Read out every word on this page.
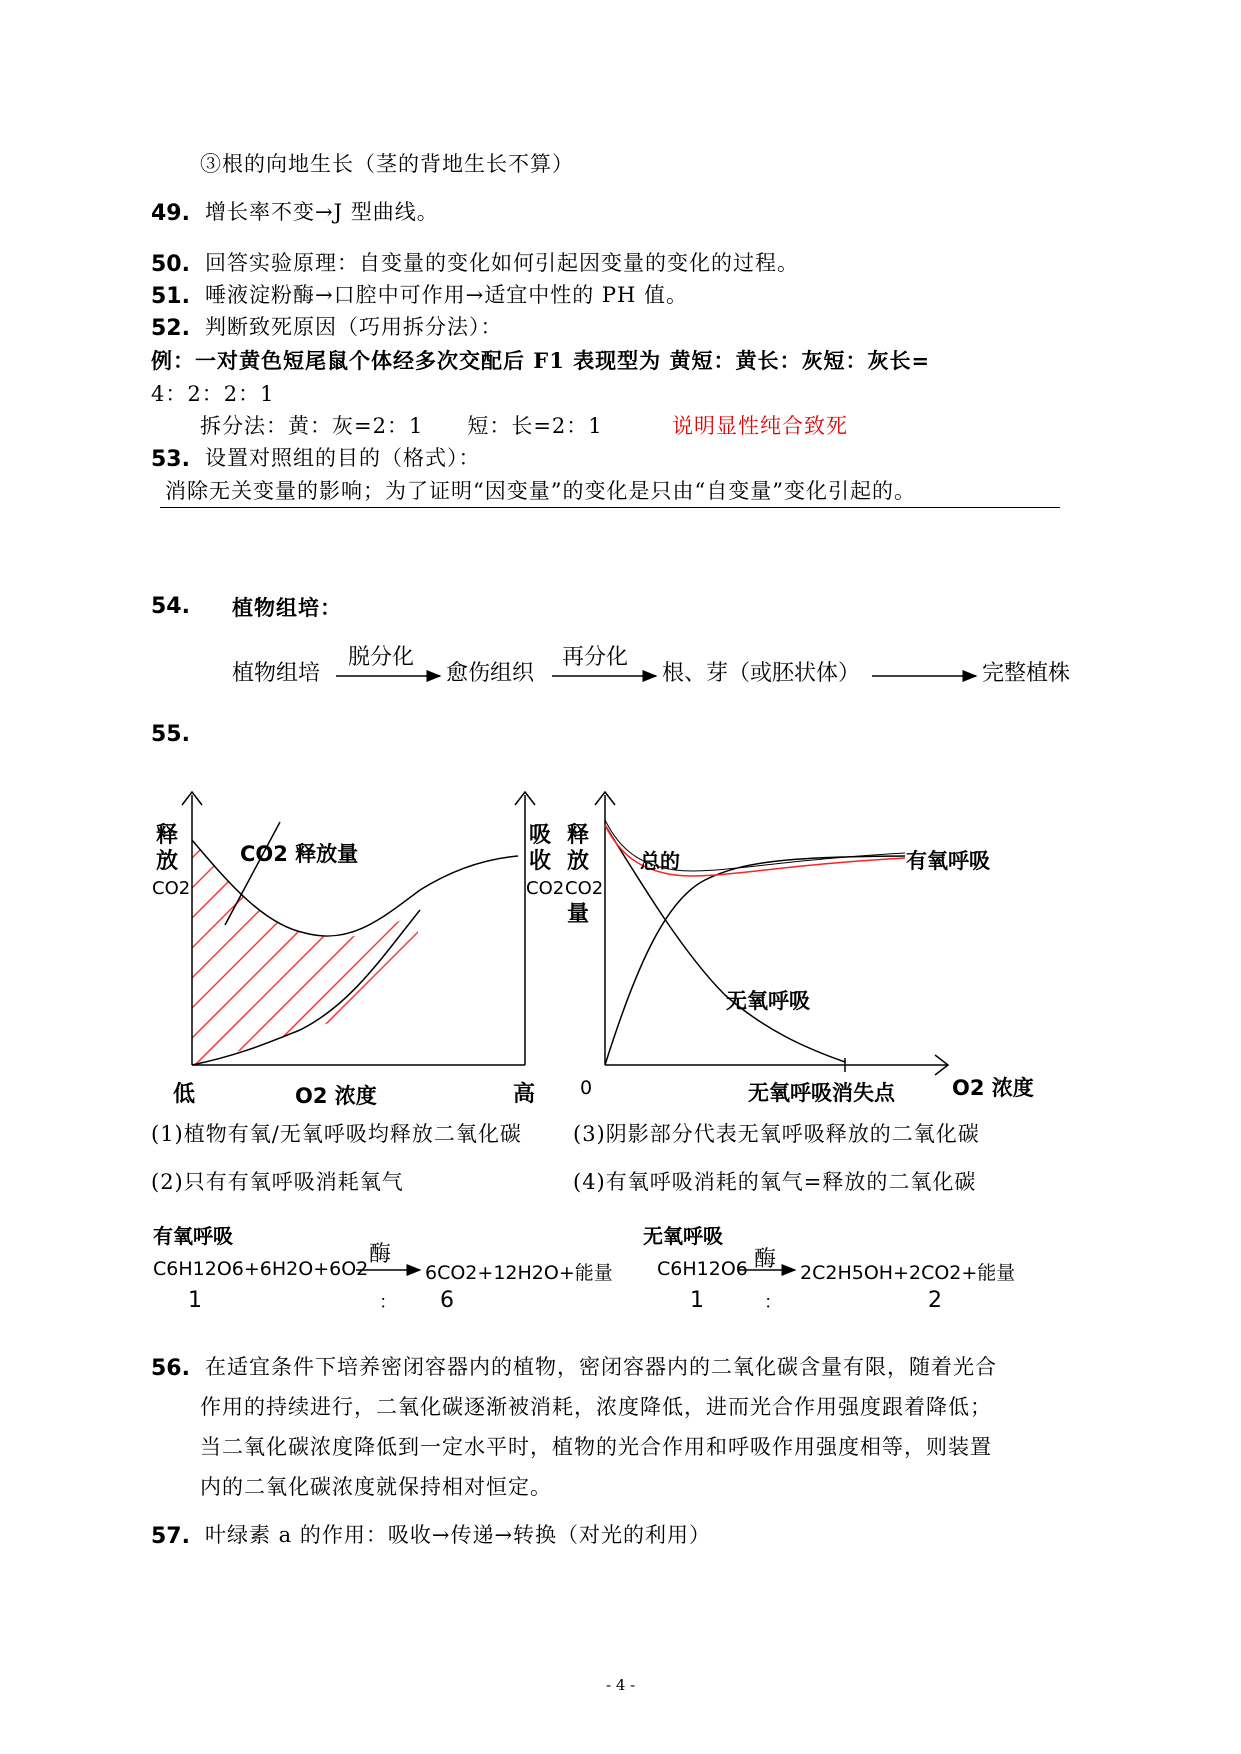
③根的向地生长（茎的背地生长不算）
49. 增长率不变→J 型曲线。
50. 回答实验原理：自变量的变化如何引起因变量的变化的过程。
51. 唾液淀粉酶→口腔中可作用→适宜中性的 PH 值。
52. 判断致死原因（巧用拆分法）：
例：一对黄色短尾鼠个体经多次交配后 F1 表现型为 黄短：黄长：灰短：灰长=
4：2：2：1
拆分法：黄：灰=2：1　　短：长=2：1	说明显性纯合致死
53. 设置对照组的目的（格式）：
消除无关变量的影响；为了证明“因变量”的变化是只由“自变量”变化引起的。
54. 植物组培：
植物组培
脱分化
愈伤组织
再分化
根、芽（或胚状体）	完整植株
55.
释
放
CO2
吸
收
CO2
CO2 释放量
低	O2 浓度	高
释
放
CO2
量
总的	有氧呼吸
无氧呼吸
无氧呼吸消失点
0	O2 浓度
(1)植物有氧/无氧呼吸均释放二氧化碳 (3)阴影部分代表无氧呼吸释放的二氧化碳
(2)只有有氧呼吸消耗氧气	(4)有氧呼吸消耗的氧气=释放的二氧化碳
有氧呼吸
C6H12O6+6H2O+6O2
酶
6CO2+12H2O+能量
1	： 6
无氧呼吸
C6H12O6 酶
2C2H5OH+2CO2+能量
1	：	2
56. 在适宜条件下培养密闭容器内的植物，密闭容器内的二氧化碳含量有限，随着光合
作用的持续进行，二氧化碳逐渐被消耗，浓度降低，进而光合作用强度跟着降低；
当二氧化碳浓度降低到一定水平时，植物的光合作用和呼吸作用强度相等，则装置
内的二氧化碳浓度就保持相对恒定。
57. 叶绿素 a 的作用：吸收→传递→转换（对光的利用）
- 4 -
